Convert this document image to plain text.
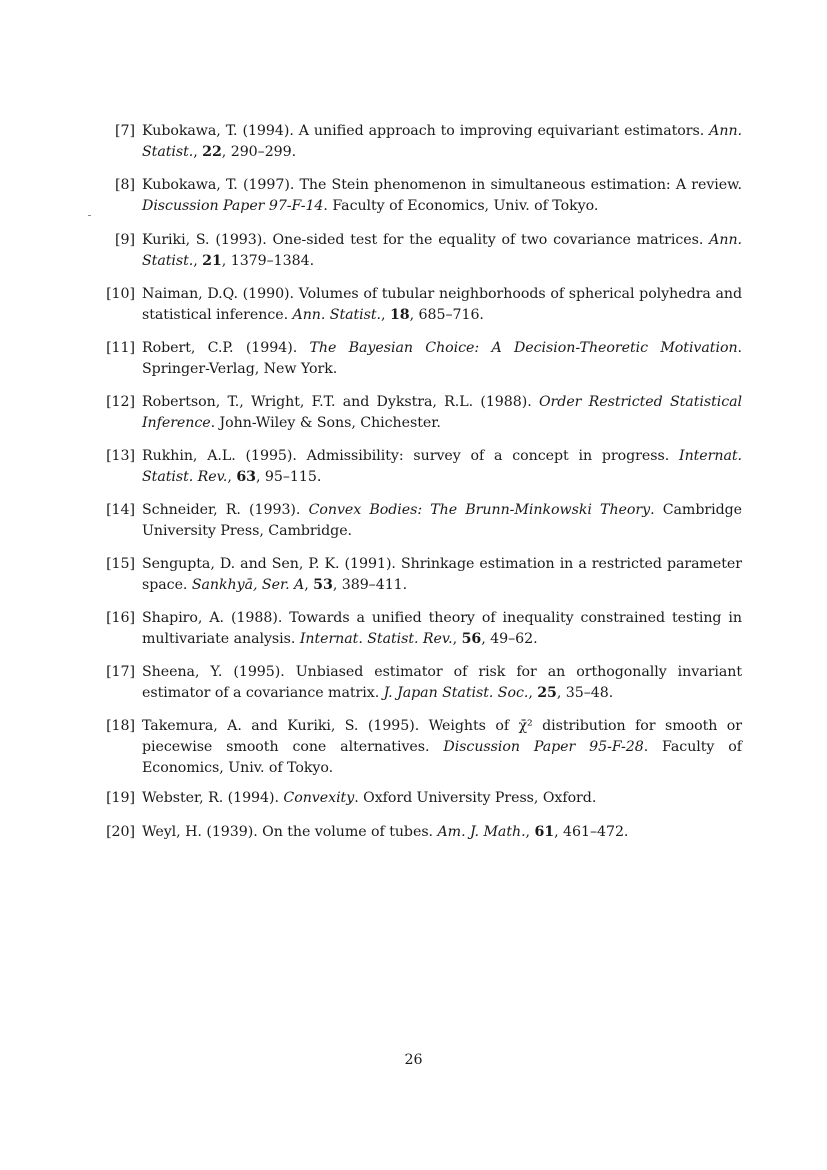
[7] Kubokawa, T. (1994). A unified approach to improving equivariant estimators. Ann. Statist., 22, 290–299.
[8] Kubokawa, T. (1997). The Stein phenomenon in simultaneous estimation: A review. Discussion Paper 97-F-14. Faculty of Economics, Univ. of Tokyo.
[9] Kuriki, S. (1993). One-sided test for the equality of two covariance matrices. Ann. Statist., 21, 1379–1384.
[10] Naiman, D.Q. (1990). Volumes of tubular neighborhoods of spherical polyhedra and statistical inference. Ann. Statist., 18, 685–716.
[11] Robert, C.P. (1994). The Bayesian Choice: A Decision-Theoretic Motivation. Springer-Verlag, New York.
[12] Robertson, T., Wright, F.T. and Dykstra, R.L. (1988). Order Restricted Statistical Inference. John-Wiley & Sons, Chichester.
[13] Rukhin, A.L. (1995). Admissibility: survey of a concept in progress. Internat. Statist. Rev., 63, 95–115.
[14] Schneider, R. (1993). Convex Bodies: The Brunn-Minkowski Theory. Cambridge University Press, Cambridge.
[15] Sengupta, D. and Sen, P. K. (1991). Shrinkage estimation in a restricted parameter space. Sankhyā, Ser. A, 53, 389–411.
[16] Shapiro, A. (1988). Towards a unified theory of inequality constrained testing in multivariate analysis. Internat. Statist. Rev., 56, 49–62.
[17] Sheena, Y. (1995). Unbiased estimator of risk for an orthogonally invariant estimator of a covariance matrix. J. Japan Statist. Soc., 25, 35–48.
[18] Takemura, A. and Kuriki, S. (1995). Weights of χ̄² distribution for smooth or piecewise smooth cone alternatives. Discussion Paper 95-F-28. Faculty of Economics, Univ. of Tokyo.
[19] Webster, R. (1994). Convexity. Oxford University Press, Oxford.
[20] Weyl, H. (1939). On the volume of tubes. Am. J. Math., 61, 461–472.
26
